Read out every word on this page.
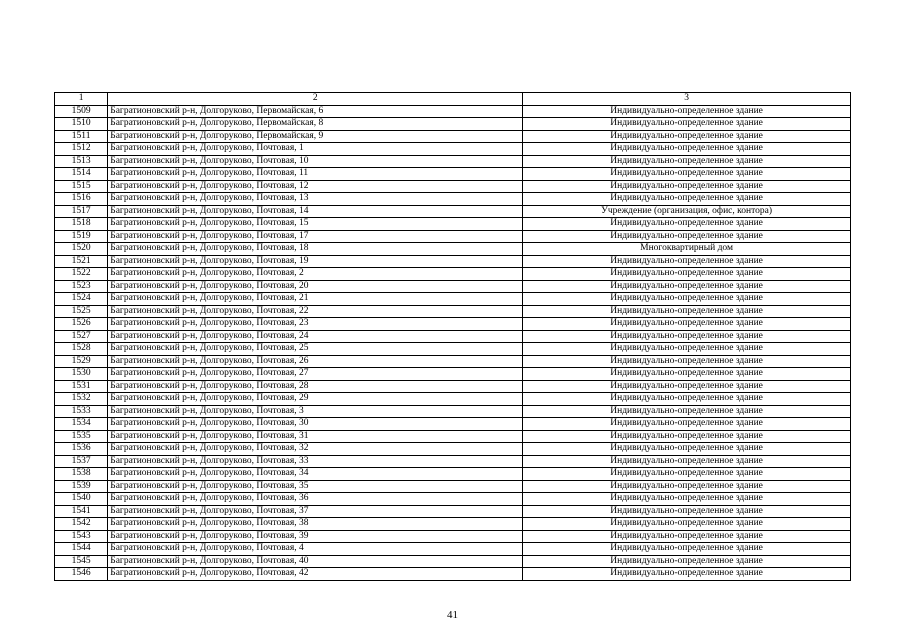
1	2	3
1509	Багратионовский р-н, Долгоруково, Первомайская, 6	Индивидуально-определенное здание
1510	Багратионовский р-н, Долгоруково, Первомайская, 8	Индивидуально-определенное здание
1511	Багратионовский р-н, Долгоруково, Первомайская, 9	Индивидуально-определенное здание
1512	Багратионовский р-н, Долгоруково, Почтовая, 1	Индивидуально-определенное здание
1513	Багратионовский р-н, Долгоруково, Почтовая, 10	Индивидуально-определенное здание
1514	Багратионовский р-н, Долгоруково, Почтовая, 11	Индивидуально-определенное здание
1515	Багратионовский р-н, Долгоруково, Почтовая, 12	Индивидуально-определенное здание
1516	Багратионовский р-н, Долгоруково, Почтовая, 13	Индивидуально-определенное здание
1517	Багратионовский р-н, Долгоруково, Почтовая, 14	Учреждение (организация, офис, контора)
1518	Багратионовский р-н, Долгоруково, Почтовая, 15	Индивидуально-определенное здание
1519	Багратионовский р-н, Долгоруково, Почтовая, 17	Индивидуально-определенное здание
1520	Багратионовский р-н, Долгоруково, Почтовая, 18	Многоквартирный дом
1521	Багратионовский р-н, Долгоруково, Почтовая, 19	Индивидуально-определенное здание
1522	Багратионовский р-н, Долгоруково, Почтовая, 2	Индивидуально-определенное здание
1523	Багратионовский р-н, Долгоруково, Почтовая, 20	Индивидуально-определенное здание
1524	Багратионовский р-н, Долгоруково, Почтовая, 21	Индивидуально-определенное здание
1525	Багратионовский р-н, Долгоруково, Почтовая, 22	Индивидуально-определенное здание
1526	Багратионовский р-н, Долгоруково, Почтовая, 23	Индивидуально-определенное здание
1527	Багратионовский р-н, Долгоруково, Почтовая, 24	Индивидуально-определенное здание
1528	Багратионовский р-н, Долгоруково, Почтовая, 25	Индивидуально-определенное здание
1529	Багратионовский р-н, Долгоруково, Почтовая, 26	Индивидуально-определенное здание
1530	Багратионовский р-н, Долгоруково, Почтовая, 27	Индивидуально-определенное здание
1531	Багратионовский р-н, Долгоруково, Почтовая, 28	Индивидуально-определенное здание
1532	Багратионовский р-н, Долгоруково, Почтовая, 29	Индивидуально-определенное здание
1533	Багратионовский р-н, Долгоруково, Почтовая, 3	Индивидуально-определенное здание
1534	Багратионовский р-н, Долгоруково, Почтовая, 30	Индивидуально-определенное здание
1535	Багратионовский р-н, Долгоруково, Почтовая, 31	Индивидуально-определенное здание
1536	Багратионовский р-н, Долгоруково, Почтовая, 32	Индивидуально-определенное здание
1537	Багратионовский р-н, Долгоруково, Почтовая, 33	Индивидуально-определенное здание
1538	Багратионовский р-н, Долгоруково, Почтовая, 34	Индивидуально-определенное здание
1539	Багратионовский р-н, Долгоруково, Почтовая, 35	Индивидуально-определенное здание
1540	Багратионовский р-н, Долгоруково, Почтовая, 36	Индивидуально-определенное здание
1541	Багратионовский р-н, Долгоруково, Почтовая, 37	Индивидуально-определенное здание
1542	Багратионовский р-н, Долгоруково, Почтовая, 38	Индивидуально-определенное здание
1543	Багратионовский р-н, Долгоруково, Почтовая, 39	Индивидуально-определенное здание
1544	Багратионовский р-н, Долгоруково, Почтовая, 4	Индивидуально-определенное здание
1545	Багратионовский р-н, Долгоруково, Почтовая, 40	Индивидуально-определенное здание
1546	Багратионовский р-н, Долгоруково, Почтовая, 42	Индивидуально-определенное здание
41
